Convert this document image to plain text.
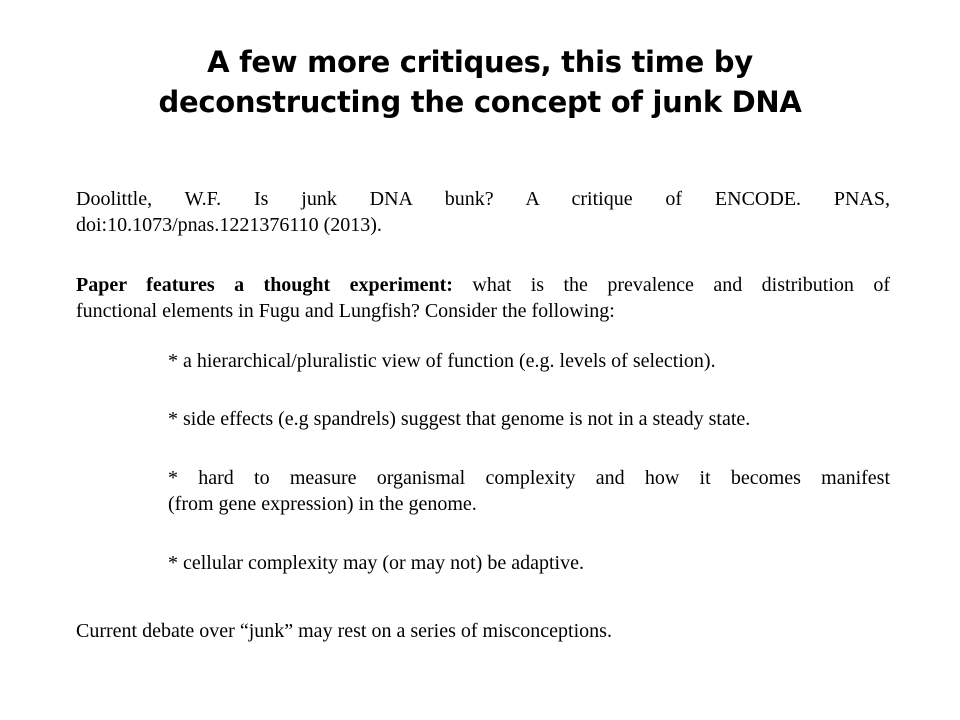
A few more critiques, this time by
deconstructing the concept of junk DNA
Doolittle, W.F. Is junk DNA bunk? A critique of ENCODE. PNAS,
doi:10.1073/pnas.1221376110 (2013).
Paper features a thought experiment: what is the prevalence and distribution of
functional elements in Fugu and Lungfish? Consider the following:
* a hierarchical/pluralistic view of function (e.g. levels of selection).
* side effects (e.g spandrels) suggest that genome is not in a steady state.
* hard to measure organismal complexity and how it becomes manifest
(from gene expression) in the genome.
* cellular complexity may (or may not) be adaptive.
Current debate over “junk” may rest on a series of misconceptions.
